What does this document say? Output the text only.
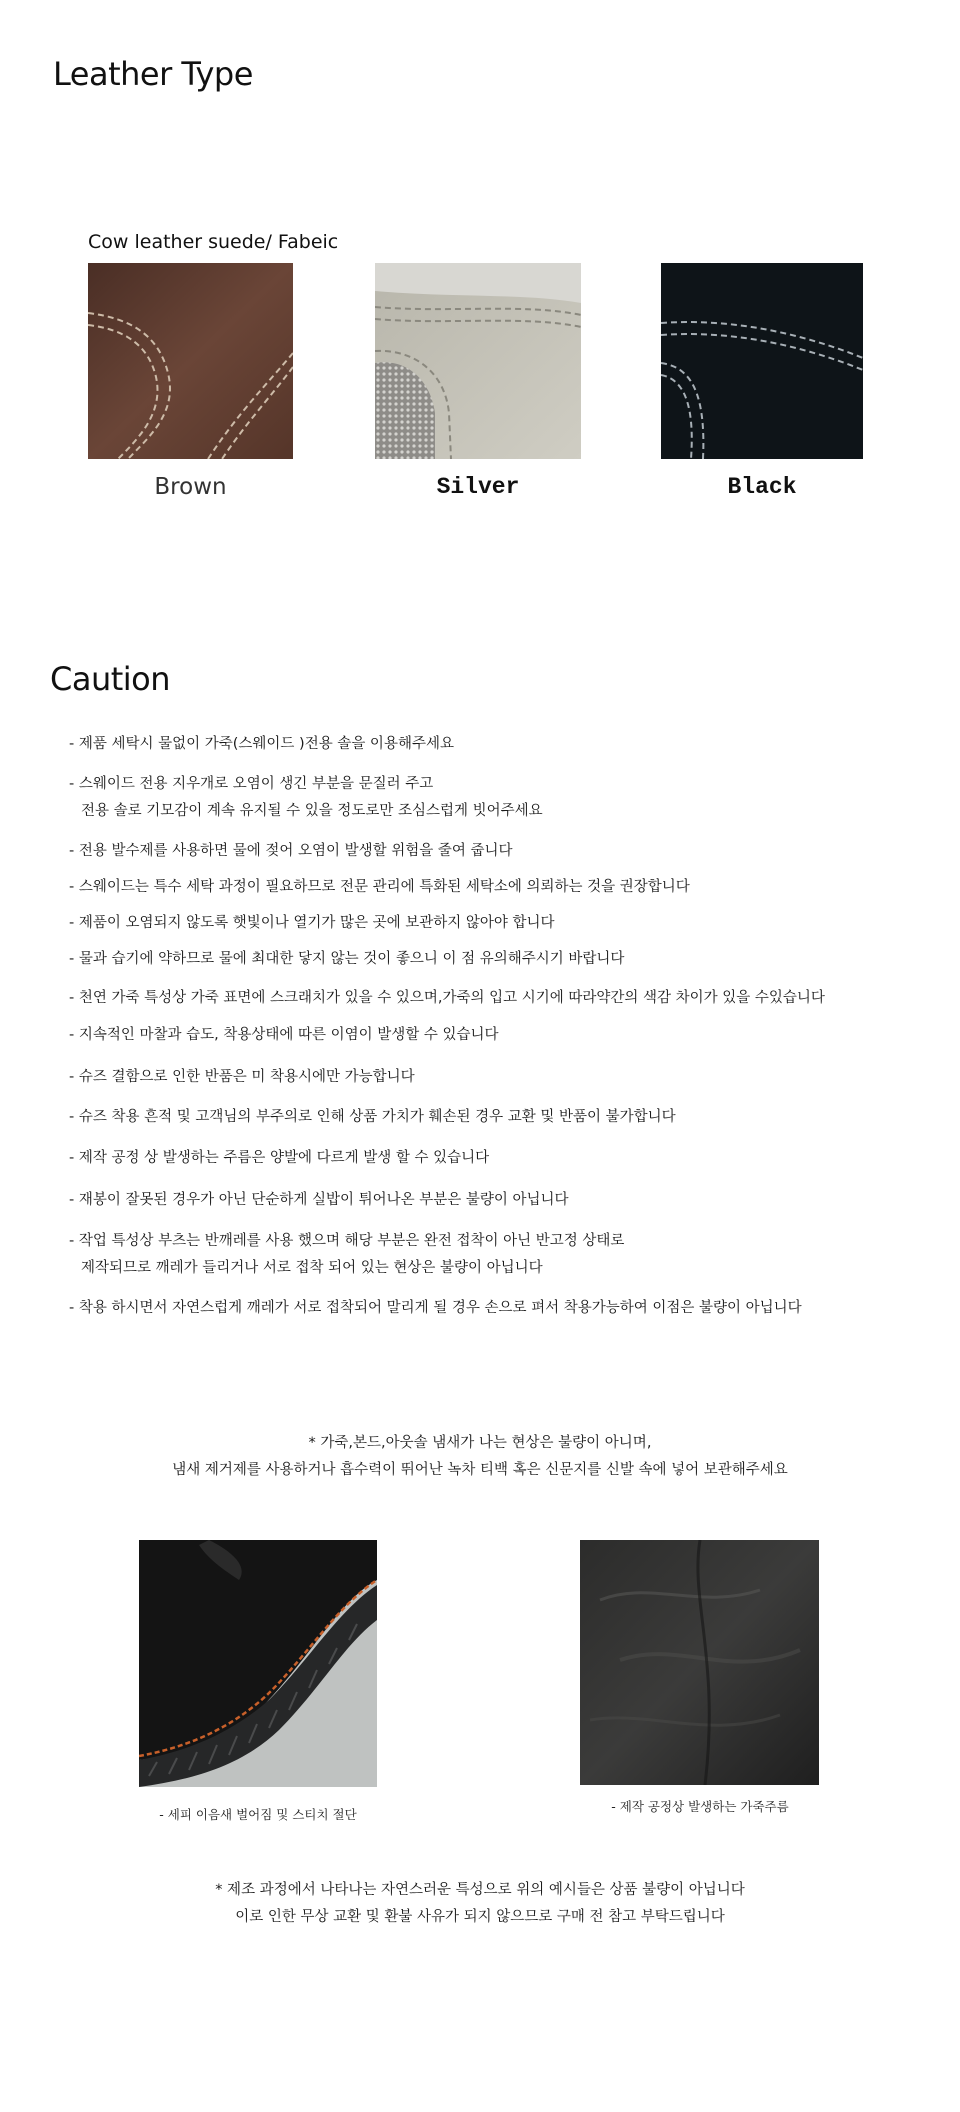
Leather Type
Cow leather suede/ Fabeic
Brown	Silver	Black
Caution
- 제품 세탁시 물없이 가죽(스웨이드 )전용 솔을 이용해주세요
- 스웨이드 전용 지우개로 오염이 생긴 부분을 문질러 주고
전용 솔로 기모감이 계속 유지될 수 있을 정도로만 조심스럽게 빗어주세요
- 전용 발수제를 사용하면 물에 젖어 오염이 발생할 위험을 줄여 줍니다
- 스웨이드는 특수 세탁 과정이 필요하므로 전문 관리에 특화된 세탁소에 의뢰하는 것을 권장합니다
- 제품이 오염되지 않도록 햇빛이나 열기가 많은 곳에 보관하지 않아야 합니다
- 물과 습기에 약하므로 물에 최대한 닿지 않는 것이 좋으니 이 점 유의해주시기 바랍니다
- 천연 가죽 특성상 가죽 표면에 스크래치가 있을 수 있으며,가죽의 입고 시기에 따라약간의 색감 차이가 있을 수있습니다
- 지속적인 마찰과 습도, 착용상태에 따른 이염이 발생할 수 있습니다
- 슈즈 결함으로 인한 반품은 미 착용시에만 가능합니다
- 슈즈 착용 흔적 및 고객님의 부주의로 인해 상품 가치가 훼손된 경우 교환 및 반품이 불가합니다
- 제작 공정 상 발생하는 주름은 양발에 다르게 발생 할 수 있습니다
- 재봉이 잘못된 경우가 아닌 단순하게 실밥이 튀어나온 부분은 불량이 아닙니다
- 작업 특성상 부츠는 반깨레를 사용 했으며 해당 부분은 완전 접착이 아닌 반고정 상태로
제작되므로 깨레가 들리거나 서로 접착 되어 있는 현상은 불량이 아닙니다
- 착용 하시면서 자연스럽게 깨레가 서로 접착되어 말리게 될 경우 손으로 펴서 착용가능하여 이점은 불량이 아닙니다
* 가죽,본드,아웃솔 냄새가 나는 현상은 불량이 아니며,
냄새 제거제를 사용하거나 흡수력이 뛰어난 녹차 티백 혹은 신문지를 신발 속에 넣어 보관해주세요
- 세피 이음새 벌어짐 및 스티치 절단
- 제작 공정상 발생하는 가죽주름
* 제조 과정에서 나타나는 자연스러운 특성으로 위의 예시들은 상품 불량이 아닙니다
이로 인한 무상 교환 및 환불 사유가 되지 않으므로 구매 전 참고 부탁드립니다
